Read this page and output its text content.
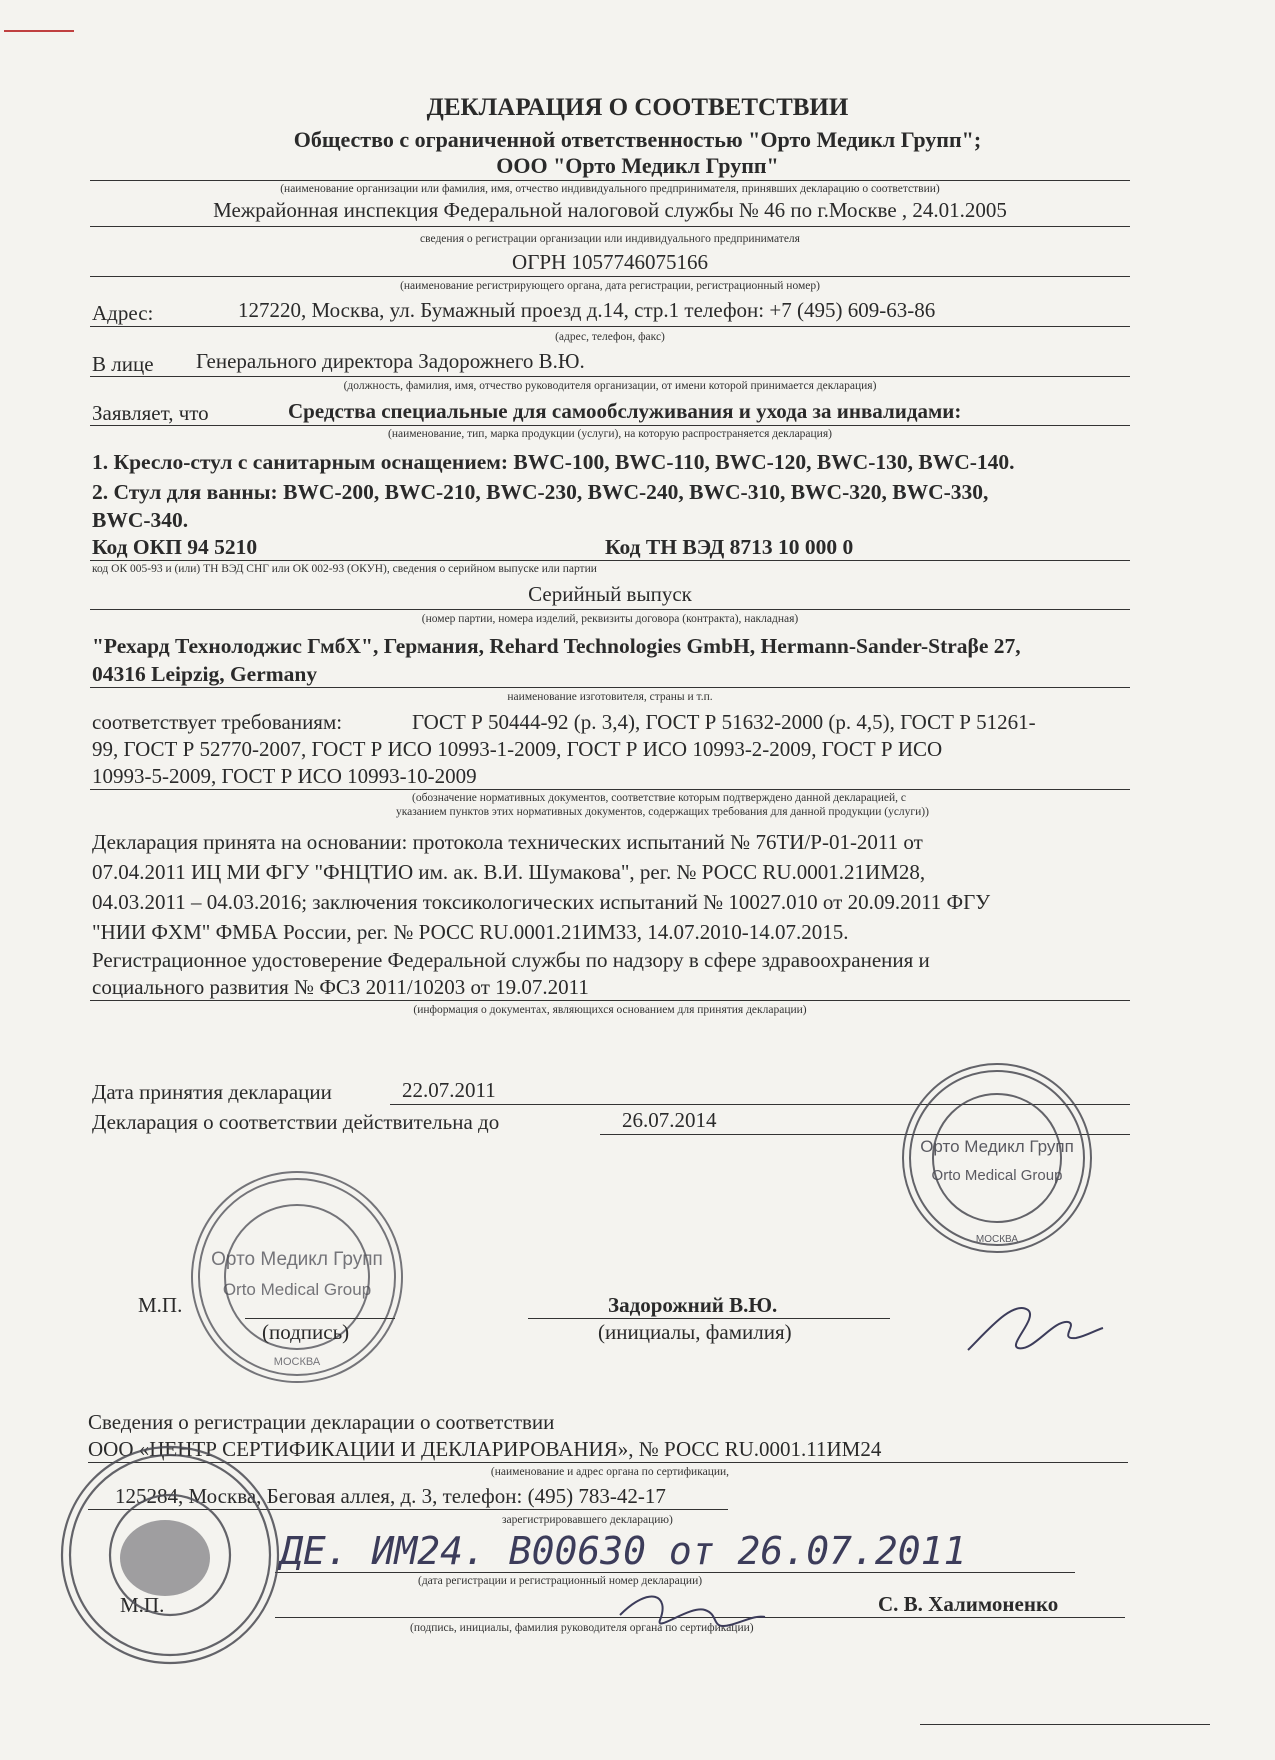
ДЕКЛАРАЦИЯ О СООТВЕТСТВИИ
Общество с ограниченной ответственностью "Орто Медикл Групп";
ООО "Орто Медикл Групп"
(наименование организации или фамилия, имя, отчество индивидуального предпринимателя, принявших декларацию о соответствии)
Межрайонная инспекция Федеральной налоговой службы № 46 по г.Москве , 24.01.2005
сведения о регистрации организации или индивидуального предпринимателя
ОГРН 1057746075166
(наименование регистрирующего органа, дата регистрации, регистрационный номер)
Адрес:	127220, Москва, ул. Бумажный проезд д.14, стр.1 телефон: +7 (495) 609-63-86
(адрес, телефон, факс)
В лице Генерального директора Задорожнего В.Ю.
(должность, фамилия, имя, отчество руководителя организации, от имени которой принимается декларация)
Заявляет, что	Средства специальные для самообслуживания и ухода за инвалидами:
(наименование, тип, марка продукции (услуги), на которую распространяется декларация)
1. Кресло-стул с санитарным оснащением: BWC-100, BWC-110, BWC-120, BWC-130, BWC-140.
2. Стул для ванны: BWC-200, BWC-210, BWC-230, BWC-240, BWC-310, BWC-320, BWC-330,
BWC-340.
Код ОКП 94 5210	Код ТН ВЭД 8713 10 000 0
код ОК 005-93 и (или) ТН ВЭД СНГ или ОК 002-93 (ОКУН), сведения о серийном выпуске или партии
Серийный выпуск
(номер партии, номера изделий, реквизиты договора (контракта), накладная)
"Рехард Технолоджис ГмбХ", Германия, Rehard Technologies GmbH, Hermann-Sander-Straβe 27,
04316 Leipzig, Germany
наименование изготовителя, страны и т.п.
соответствует требованиям:	ГОСТ Р 50444-92 (р. 3,4), ГОСТ Р 51632-2000 (р. 4,5), ГОСТ Р 51261-
99, ГОСТ Р 52770-2007, ГОСТ Р ИСО 10993-1-2009, ГОСТ Р ИСО 10993-2-2009, ГОСТ Р ИСО
10993-5-2009, ГОСТ Р ИСО 10993-10-2009
(обозначение нормативных документов, соответствие которым подтверждено данной декларацией, с
указанием пунктов этих нормативных документов, содержащих требования для данной продукции (услуги))
Декларация принята на основании: протокола технических испытаний № 76ТИ/Р-01-2011 от
07.04.2011 ИЦ МИ ФГУ "ФНЦТИО им. ак. В.И. Шумакова", рег. № РОСС RU.0001.21ИМ28,
04.03.2011 – 04.03.2016; заключения токсикологических испытаний № 10027.010 от 20.09.2011 ФГУ
"НИИ ФХМ" ФМБА России, рег. № РОСС RU.0001.21ИМ33, 14.07.2010-14.07.2015.
Регистрационное удостоверение Федеральной службы по надзору в сфере здравоохранения и
социального развития № ФСЗ 2011/10203 от 19.07.2011
(информация о документах, являющихся основанием для принятия декларации)
Дата принятия декларации	22.07.2011
Декларация о соответствии действительна до	26.07.2014
Орто Медикл Групп
Orto Medical Group
МОСКВА
М.П.
(подпись)
Задорожний В.Ю.
(инициалы, фамилия)
Орто Медикл Групп
Orto Medical Group
МОСКВА
Сведения о регистрации декларации о соответствии
ООО «ЦЕНТР СЕРТИФИКАЦИИ И ДЕКЛАРИРОВАНИЯ», № РОСС RU.0001.11ИМ24
(наименование и адрес органа по сертификации,
125284, Москва, Беговая аллея, д. 3, телефон: (495) 783-42-17
зарегистрировавшего декларацию)
ДЕ. ИМ24. В00630 от 26.07.2011
(дата регистрации и регистрационный номер декларации)
М.П.	С. В. Халимоненко
(подпись, инициалы, фамилия руководителя органа по сертификации)
